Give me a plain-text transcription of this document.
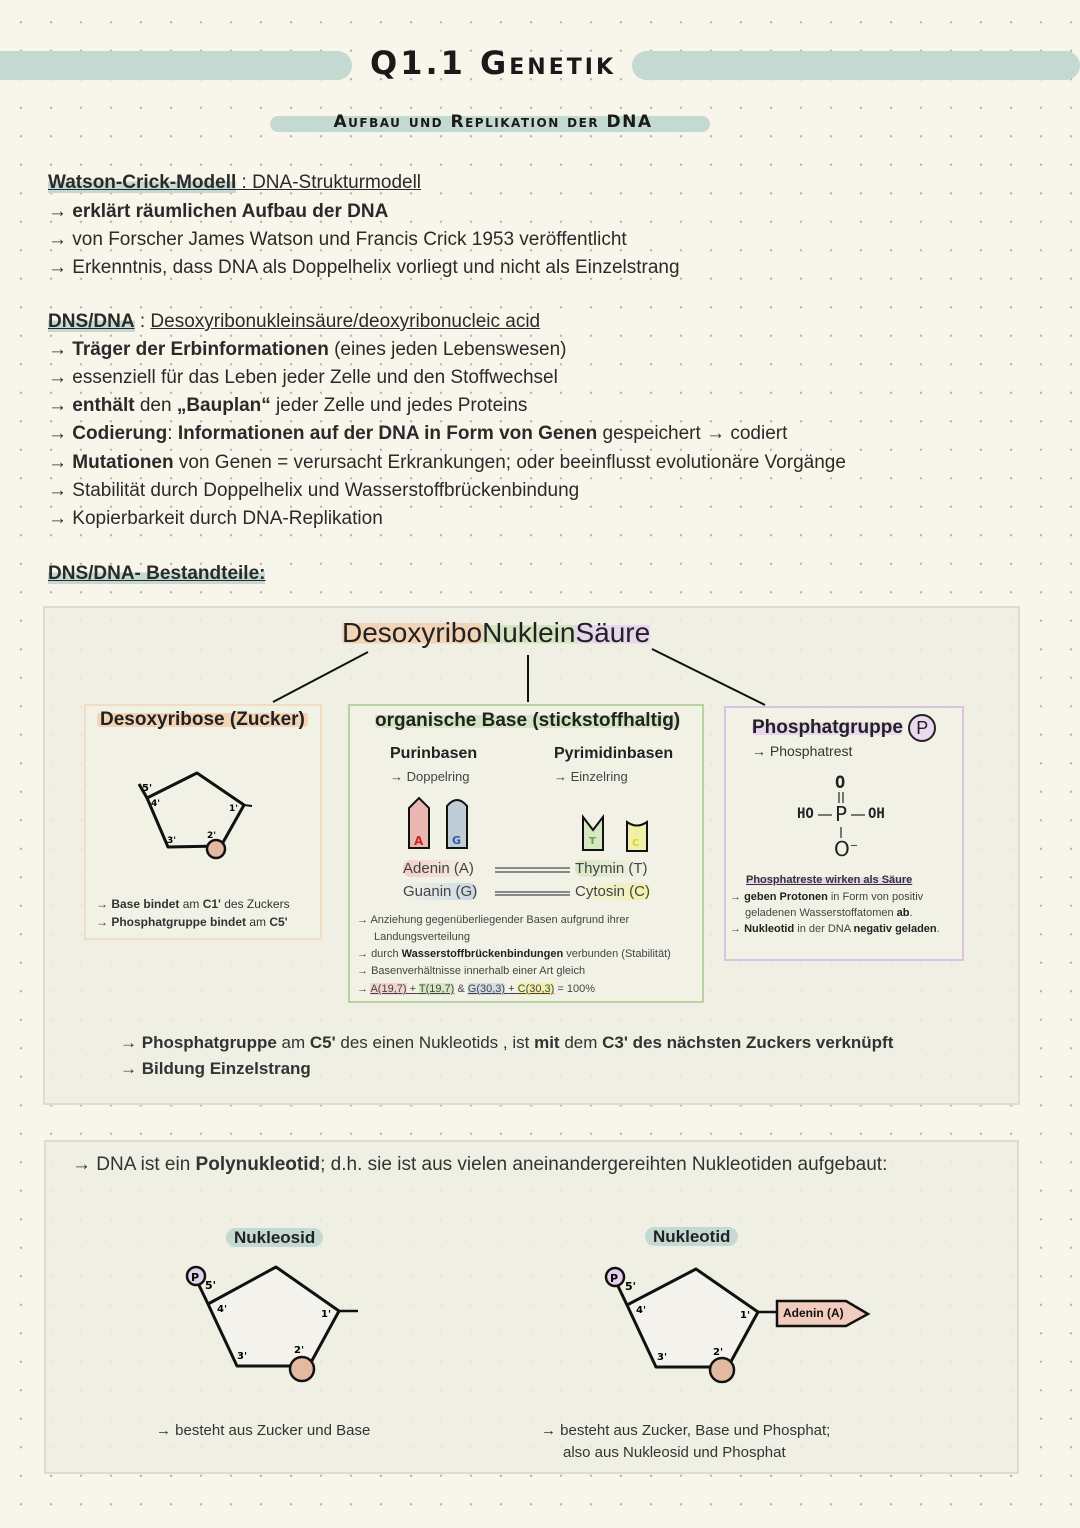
Q1.1 Genetik
Aufbau und Replikation der DNA
Watson-Crick-Modell : DNA-Strukturmodell
→ erklärt räumlichen Aufbau der DNA
→ von Forscher James Watson und Francis Crick 1953 veröffentlicht
→ Erkenntnis, dass DNA als Doppelhelix vorliegt und nicht als Einzelstrang
DNS/DNA : Desoxyribonukleinsäure/deoxyribonucleic acid
→ Träger der Erbinformationen (eines jeden Lebenswesen)
→ essenziell für das Leben jeder Zelle und den Stoffwechsel
→ enthält den „Bauplan“ jeder Zelle und jedes Proteins
→ Codierung: Informationen auf der DNA in Form von Genen gespeichert → codiert
→ Mutationen von Genen = verursacht Erkrankungen; oder beeinflusst evolutionäre Vorgänge
→ Stabilität durch Doppelhelix und Wasserstoffbrückenbindung
→ Kopierbarkeit durch DNA-Replikation
DNS/DNA- Bestandteile:
DesoxyriboNukleinSäure
Desoxyribose (Zucker)
5'
4'
3'	2'
1'
→ Base bindet am C1' des Zuckers
→ Phosphatgruppe bindet am C5'
organische Base (stickstoffhaltig)
Purinbasen
→ Doppelring
Pyrimidinbasen
→ Einzelring
A	G	T	C
Adenin (A)	Thymin (T)
Guanin (G)	Cytosin (C)
→ Anziehung gegenüberliegender Basen aufgrund ihrer
Landungsverteilung
→ durch Wasserstoffbrückenbindungen verbunden (Stabilität)
→ Basenverhältnisse innerhalb einer Art gleich
→ A(19,7) + T(19,7) & G(30,3) + C(30,3) = 100%
Phosphatgruppe P
→ Phosphatrest
O
HO P OH
O−
Phosphatreste wirken als Säure
→ geben Protonen in Form von positiv
geladenen Wasserstoffatomen ab.
→ Nukleotid in der DNA negativ geladen.
→ Phosphatgruppe am C5' des einen Nukleotids , ist mit dem C3' des nächsten Zuckers verknüpft
→ Bildung Einzelstrang
→ DNA ist ein Polynukleotid; d.h. sie ist aus vielen aneinandergereihten Nukleotiden aufgebaut:
Nukleosid	Nukleotid
P
5'
4'
3'
2'
1'
→ besteht aus Zucker und Base
P
5'
4'
3'	2'
1'	Adenin (A)
→ besteht aus Zucker, Base und Phosphat;
also aus Nukleosid und Phosphat
